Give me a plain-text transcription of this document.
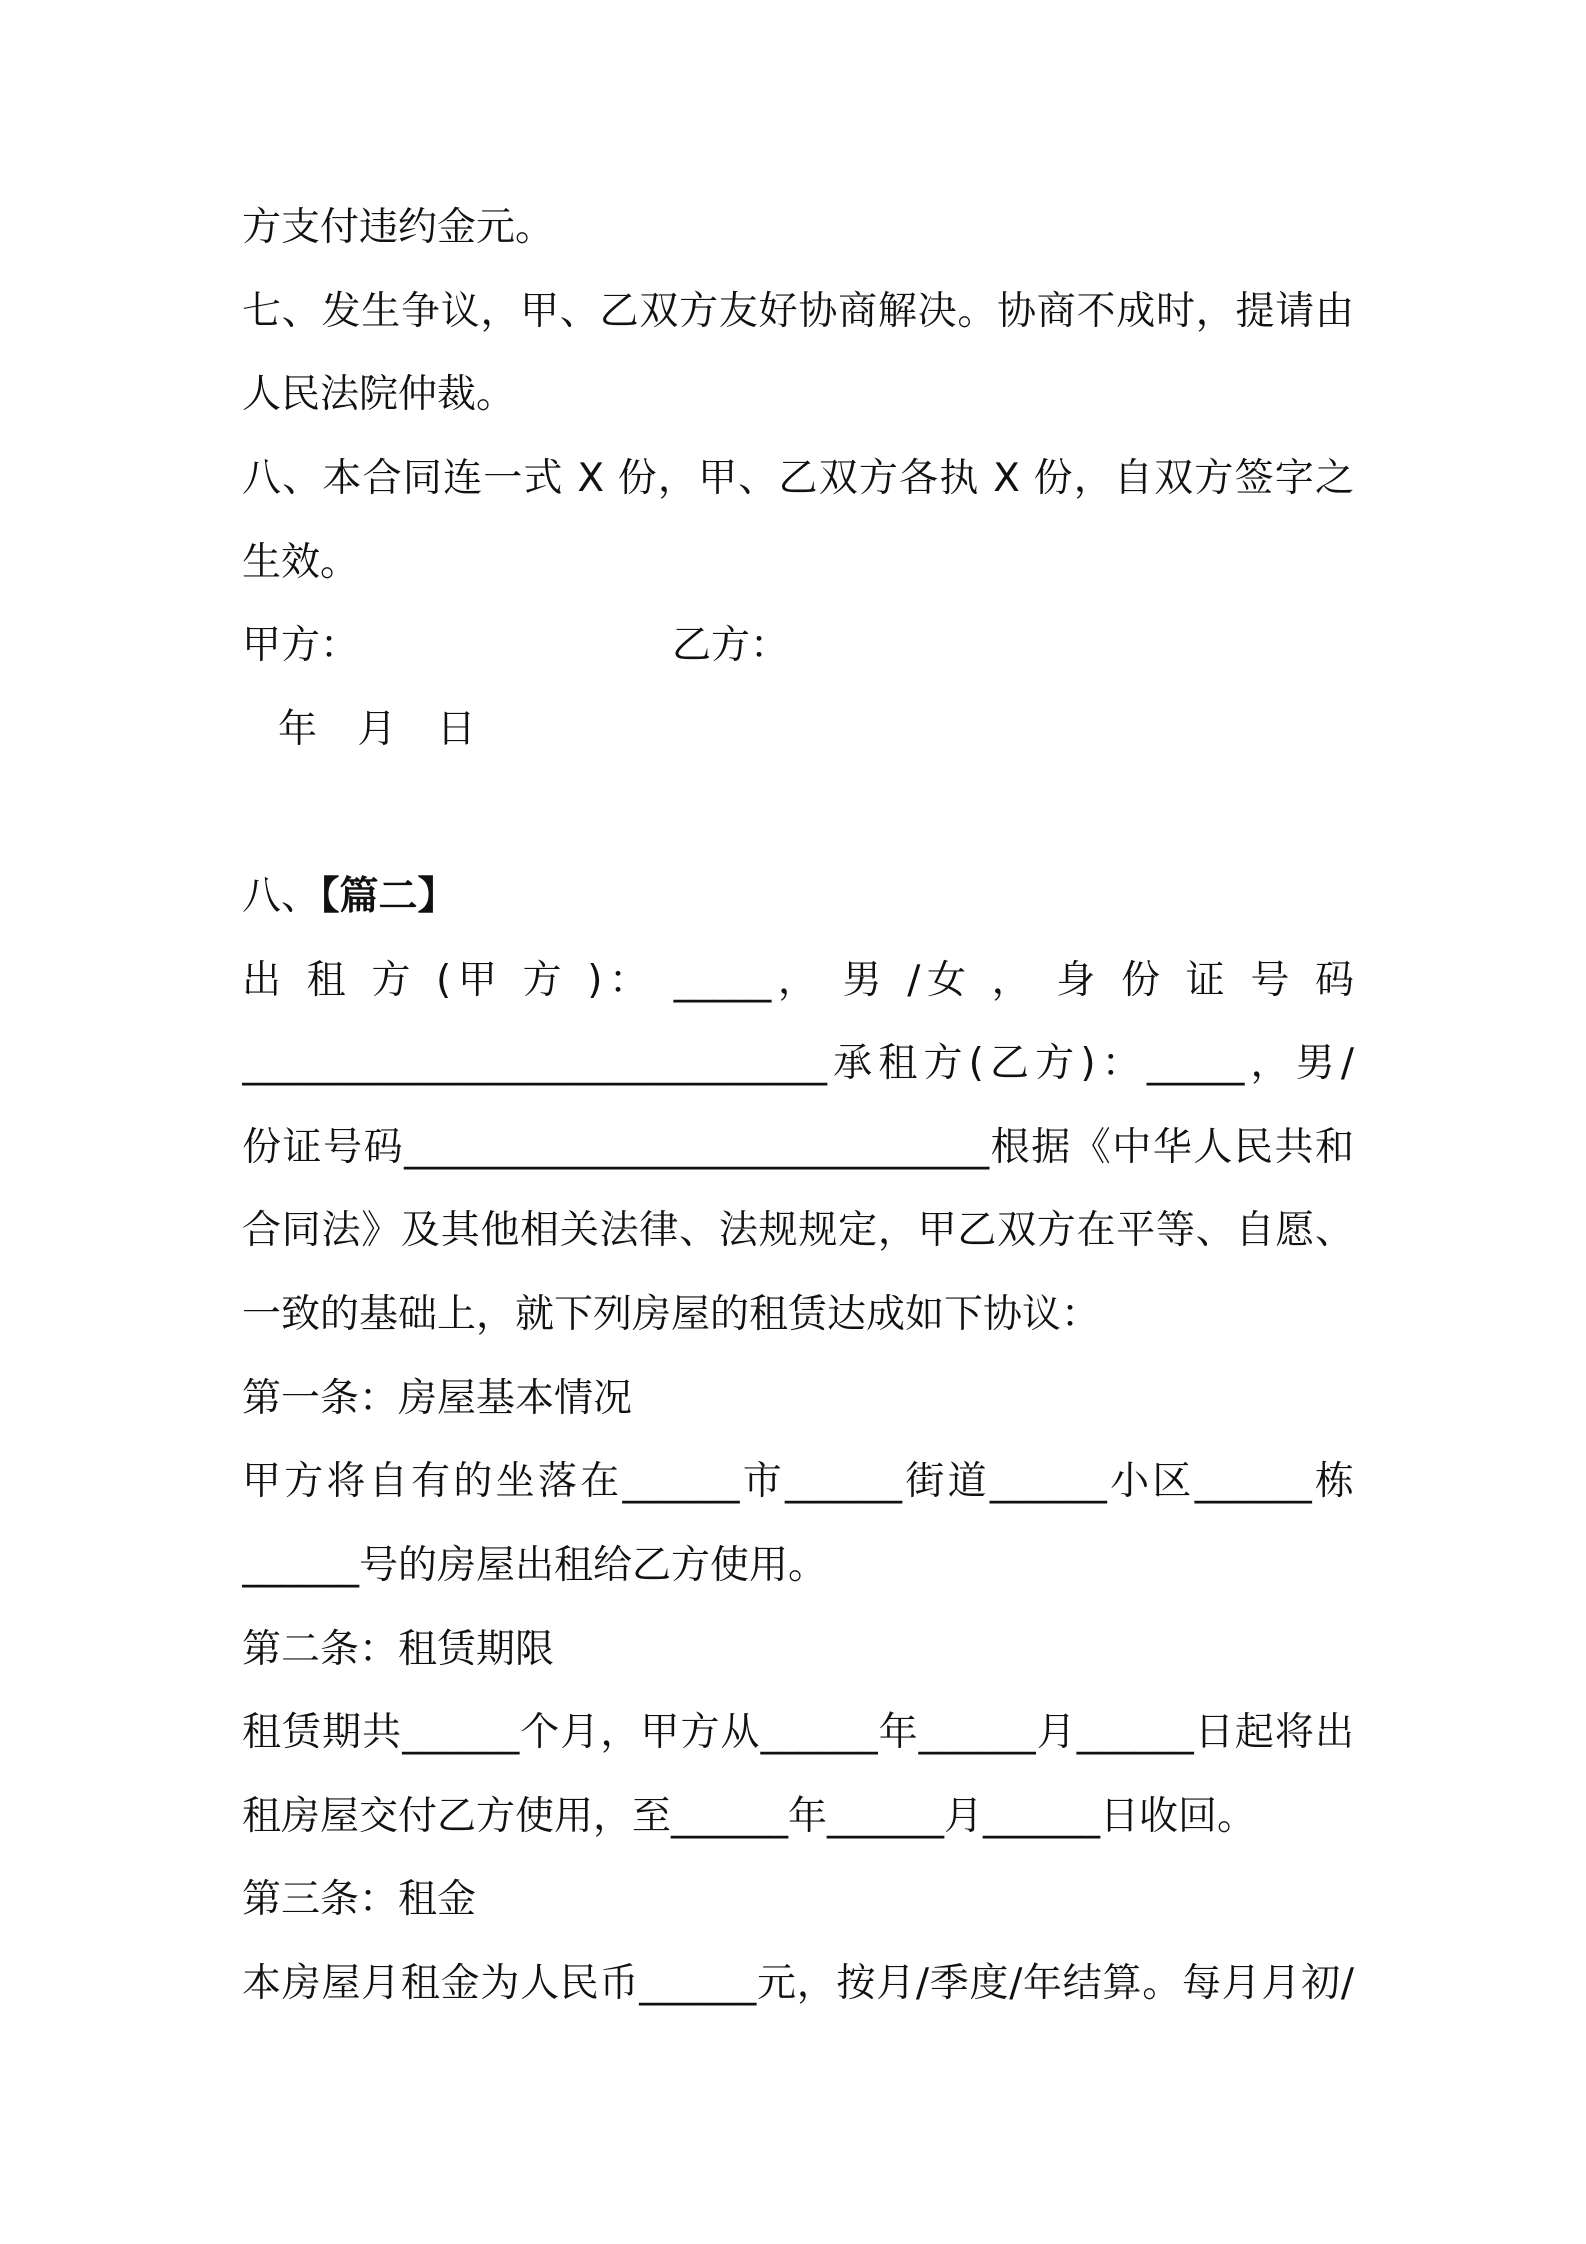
方支付违约金元。
七、发生争议，甲、乙双方友好协商解决。协商不成时，提请由
人民法院仲裁。
八、本合同连一式 X 份，甲、乙双方各执 X 份，自双方签字之
生效。
甲方：	乙方：
年 月 日
八、【篇二】
出 租 方 (甲 方 )： _____， 男 /女 ， 身 份 证 号 码
______________________________承租方(乙方)：_____，男/
份证号码______________________________根据《中华人民共和
合同法》及其他相关法律、法规规定，甲乙双方在平等、自愿、
一致的基础上，就下列房屋的租赁达成如下协议：
第一条：房屋基本情况
甲方将自有的坐落在______市______街道______小区______栋
______号的房屋出租给乙方使用。
第二条：租赁期限
租赁期共______个月，甲方从______年______月______日起将出
租房屋交付乙方使用，至______年______月______日收回。
第三条：租金
本房屋月租金为人民币______元，按月/季度/年结算。每月月初/
